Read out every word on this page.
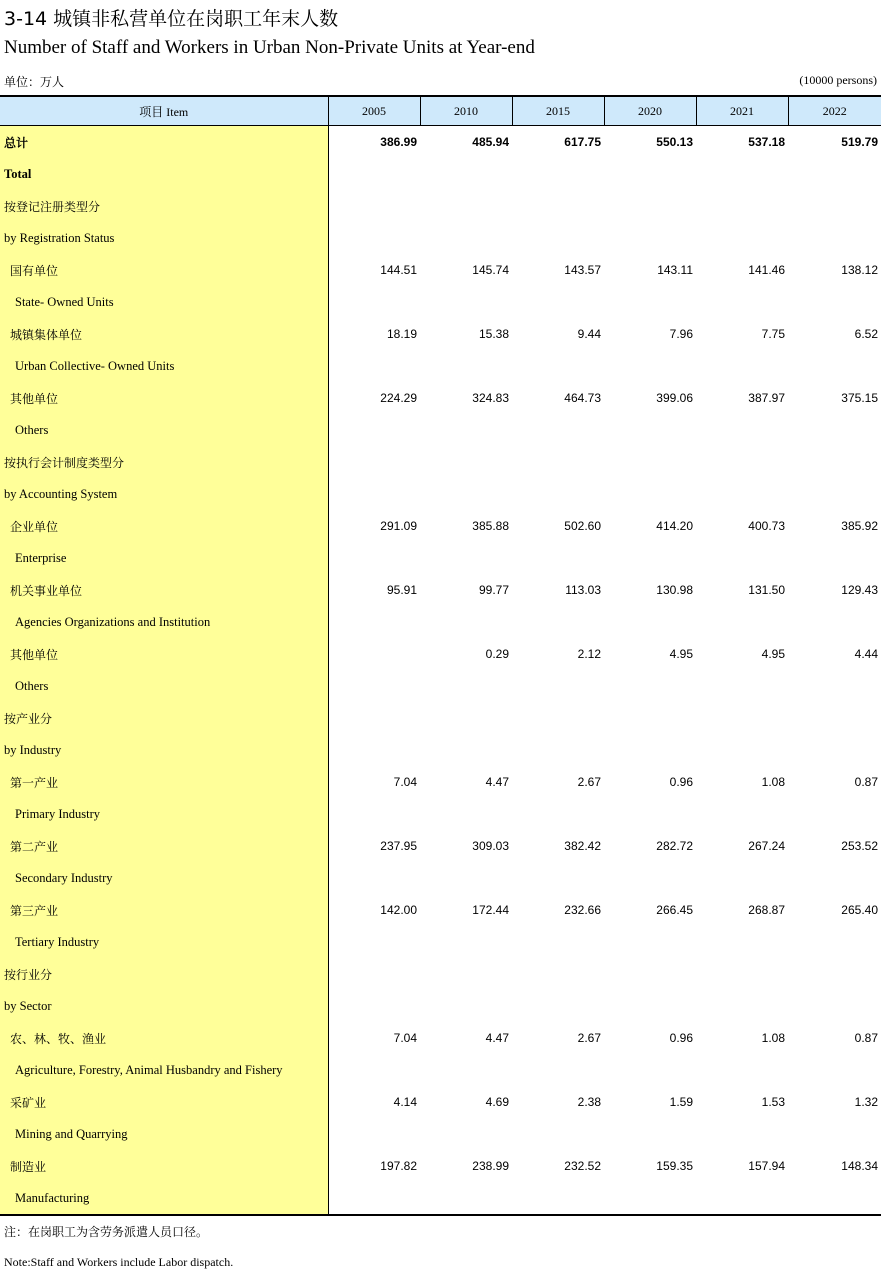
3-14 城镇非私营单位在岗职工年末人数
Number of Staff and Workers in Urban Non-Private Units at Year-end
单位：万人	(10000 persons)
项目 Item	2005	2010	2015	2020	2021	2022
总计	386.99	485.94	617.75	550.13	537.18	519.79
Total						
按登记注册类型分						
by Registration Status						
国有单位	144.51	145.74	143.57	143.11	141.46	138.12
State- Owned Units						
城镇集体单位	18.19	15.38	9.44	7.96	7.75	6.52
Urban Collective- Owned Units						
其他单位	224.29	324.83	464.73	399.06	387.97	375.15
Others						
按执行会计制度类型分						
by Accounting System						
企业单位	291.09	385.88	502.60	414.20	400.73	385.92
Enterprise						
机关事业单位	95.91	99.77	113.03	130.98	131.50	129.43
Agencies Organizations and Institution						
其他单位		0.29	2.12	4.95	4.95	4.44
Others						
按产业分						
by Industry						
第一产业	7.04	4.47	2.67	0.96	1.08	0.87
Primary Industry						
第二产业	237.95	309.03	382.42	282.72	267.24	253.52
Secondary Industry						
第三产业	142.00	172.44	232.66	266.45	268.87	265.40
Tertiary Industry						
按行业分						
by Sector						
农、林、牧、渔业	7.04	4.47	2.67	0.96	1.08	0.87
Agriculture, Forestry, Animal Husbandry and Fishery						
采矿业	4.14	4.69	2.38	1.59	1.53	1.32
Mining and Quarrying						
制造业	197.82	238.99	232.52	159.35	157.94	148.34
Manufacturing						
注：在岗职工为含劳务派遣人员口径。
Note:Staff and Workers include Labor dispatch.
